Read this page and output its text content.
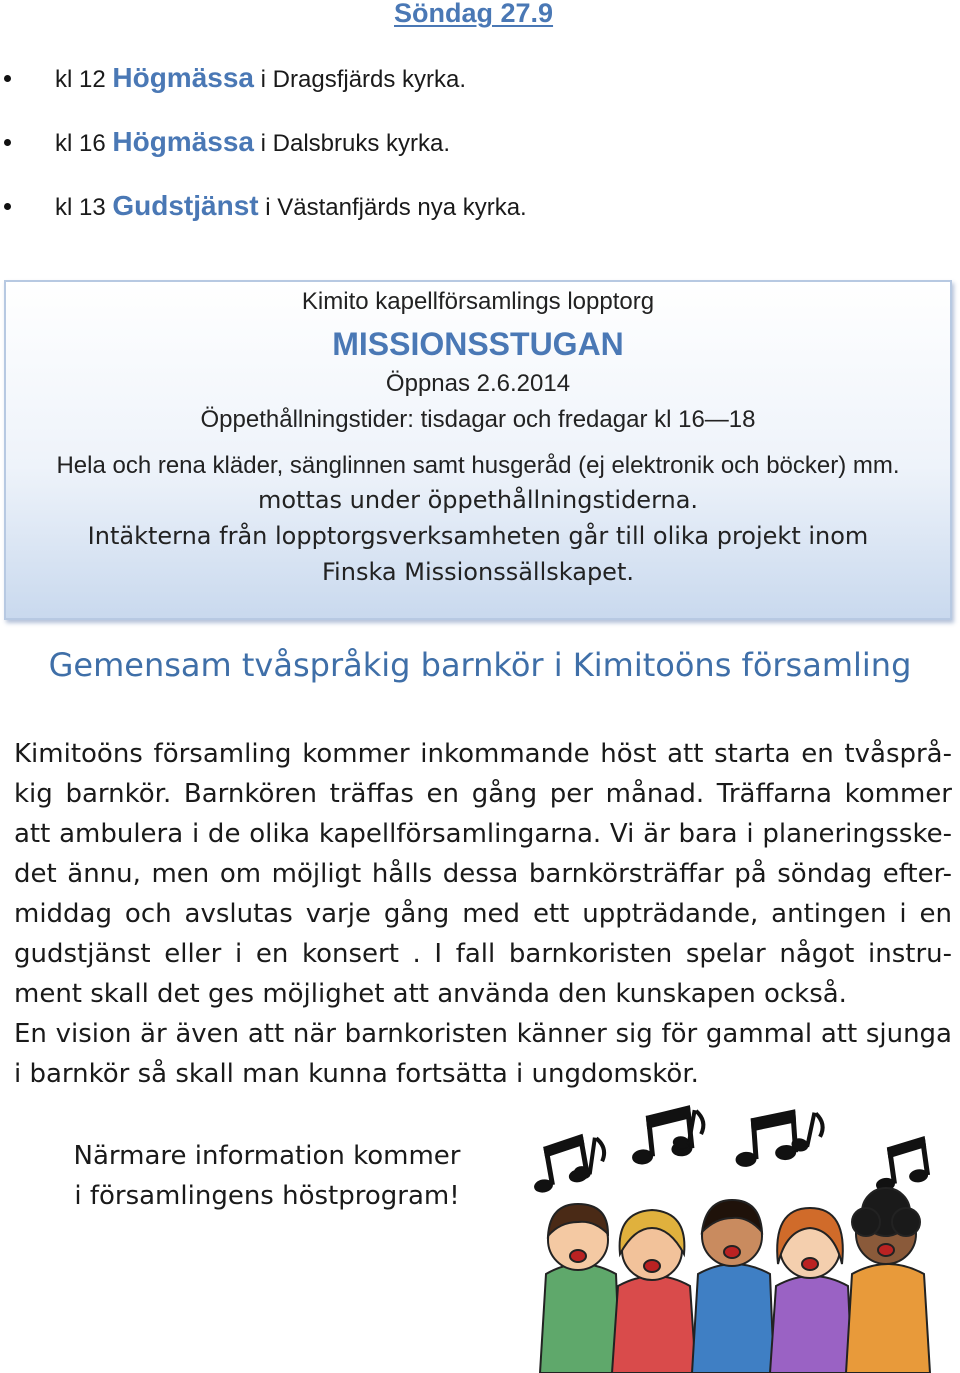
Söndag 27.9
kl 12 Högmässa i Dragsfjärds kyrka.
kl 16 Högmässa i Dalsbruks kyrka.
kl 13 Gudstjänst i Västanfjärds nya kyrka.
Kimito kapellförsamlings lopptorg
MISSIONSSTUGAN
Öppnas 2.6.2014
Öppethållningstider: tisdagar och fredagar kl 16—18
Hela och rena kläder, sänglinnen samt husgeråd (ej elektronik och böcker) mm.
mottas under öppethållningstiderna.
Intäkterna från lopptorgsverksamheten går till olika projekt inom
Finska Missionssällskapet.
Gemensam tvåspråkig barnkör i Kimitoöns församling
Kimitoöns församling kommer inkommande höst att starta en tvåsprå-
kig barnkör. Barnkören träffas en gång per månad. Träffarna kommer
att ambulera i de olika kapellförsamlingarna. Vi är bara i planeringsske-
det ännu, men om möjligt hålls dessa barnkörsträffar på söndag efter-
middag och avslutas varje gång med ett uppträdande, antingen i en
gudstjänst eller i en konsert . I fall barnkoristen spelar något instru-
ment skall det ges möjlighet att använda den kunskapen också.
En vision är även att när barnkoristen känner sig för gammal att sjunga
i barnkör så skall man kunna fortsätta i ungdomskör.
Närmare information kommer
i församlingens höstprogram!
